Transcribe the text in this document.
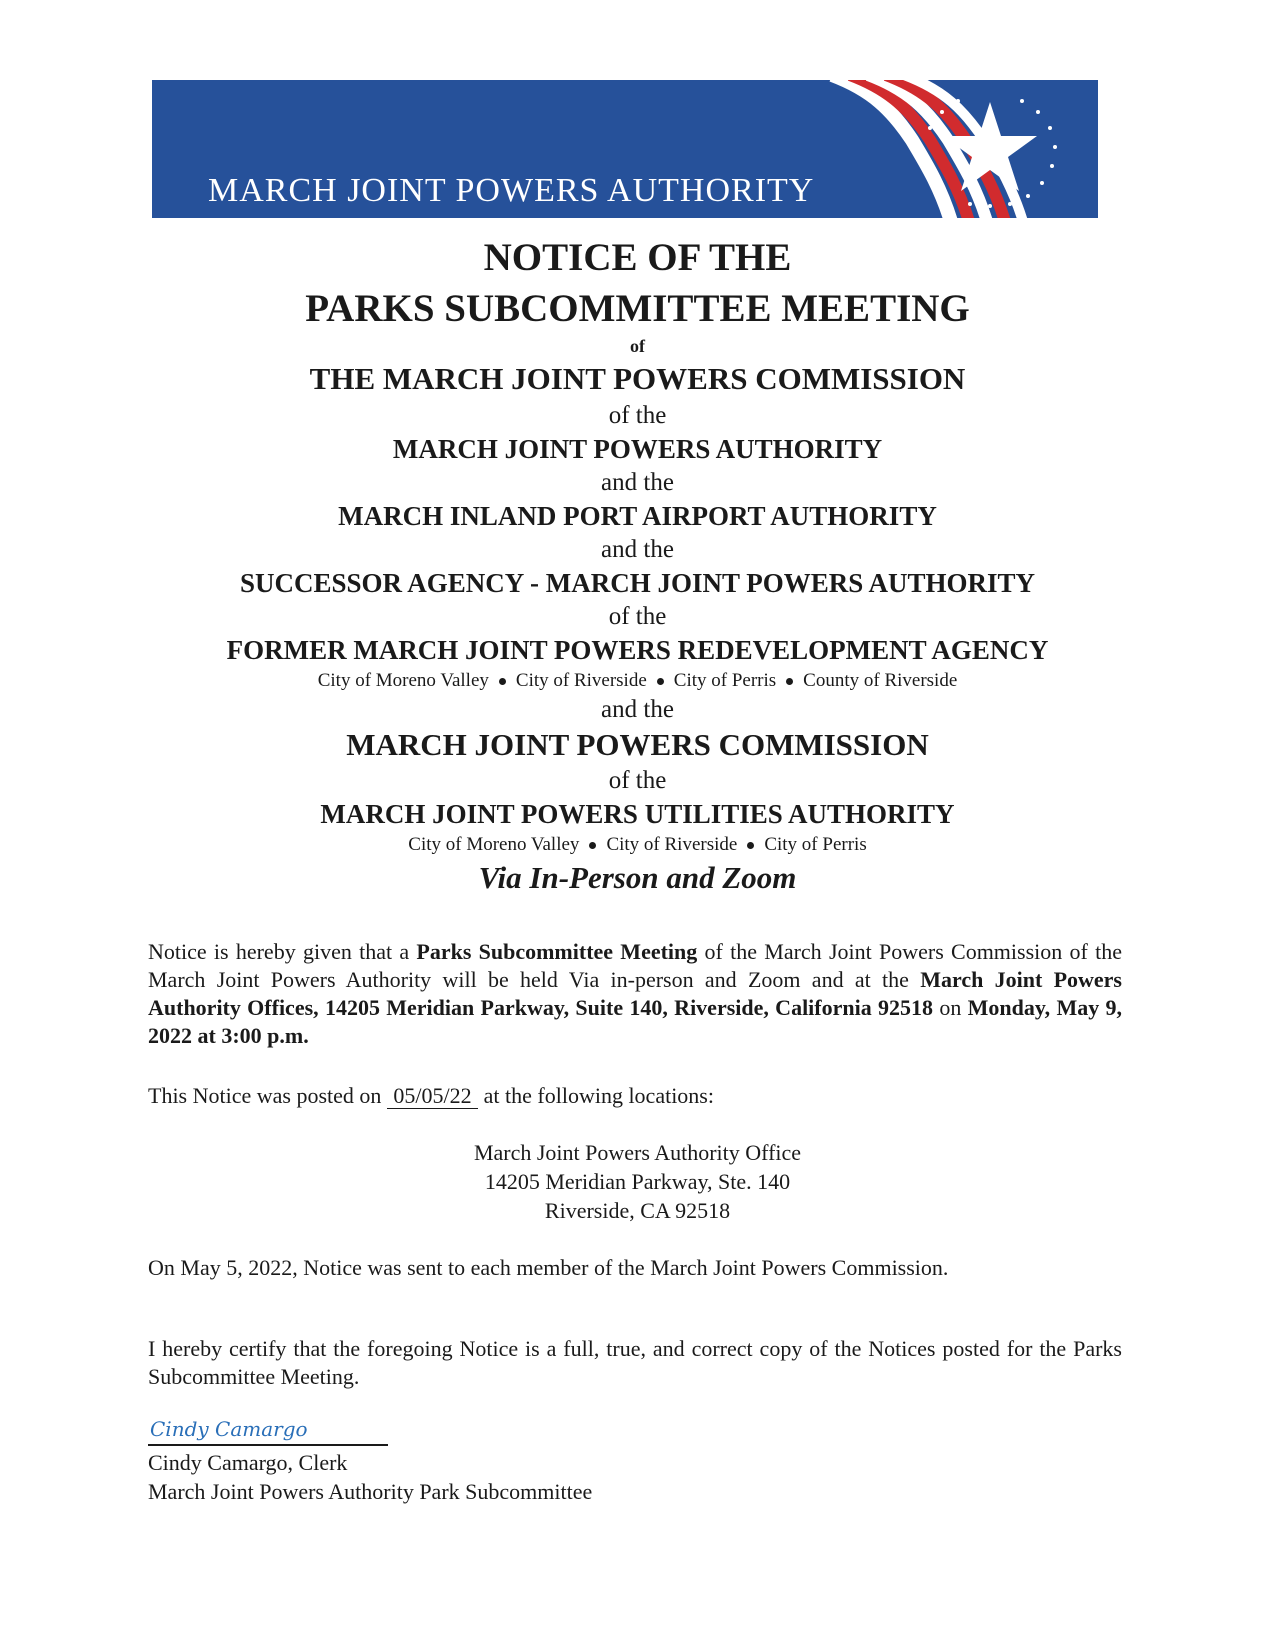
MARCH JOINT POWERS AUTHORITY
NOTICE OF THE
PARKS SUBCOMMITTEE MEETING
of
THE MARCH JOINT POWERS COMMISSION
of the
MARCH JOINT POWERS AUTHORITY
and the
MARCH INLAND PORT AIRPORT AUTHORITY
and the
SUCCESSOR AGENCY - MARCH JOINT POWERS AUTHORITY
of the
FORMER MARCH JOINT POWERS REDEVELOPMENT AGENCY
City of Moreno Valley City of Riverside City of Perris County of Riverside
and the
MARCH JOINT POWERS COMMISSION
of the
MARCH JOINT POWERS UTILITIES AUTHORITY
City of Moreno Valley City of Riverside City of Perris
Via In-Person and Zoom
Notice is hereby given that a Parks Subcommittee Meeting of the March Joint Powers Commission of the March Joint Powers Authority will be held Via in-person and Zoom and at the March Joint Powers Authority Offices, 14205 Meridian Parkway, Suite 140, Riverside, California 92518 on Monday, May 9, 2022 at 3:00 p.m.
This Notice was posted on 05/05/22 at the following locations:
March Joint Powers Authority Office
14205 Meridian Parkway, Ste. 140
Riverside, CA 92518
On May 5, 2022, Notice was sent to each member of the March Joint Powers Commission.
I hereby certify that the foregoing Notice is a full, true, and correct copy of the Notices posted for the Parks Subcommittee Meeting.
Cindy Camargo
Cindy Camargo, Clerk
March Joint Powers Authority Park Subcommittee
